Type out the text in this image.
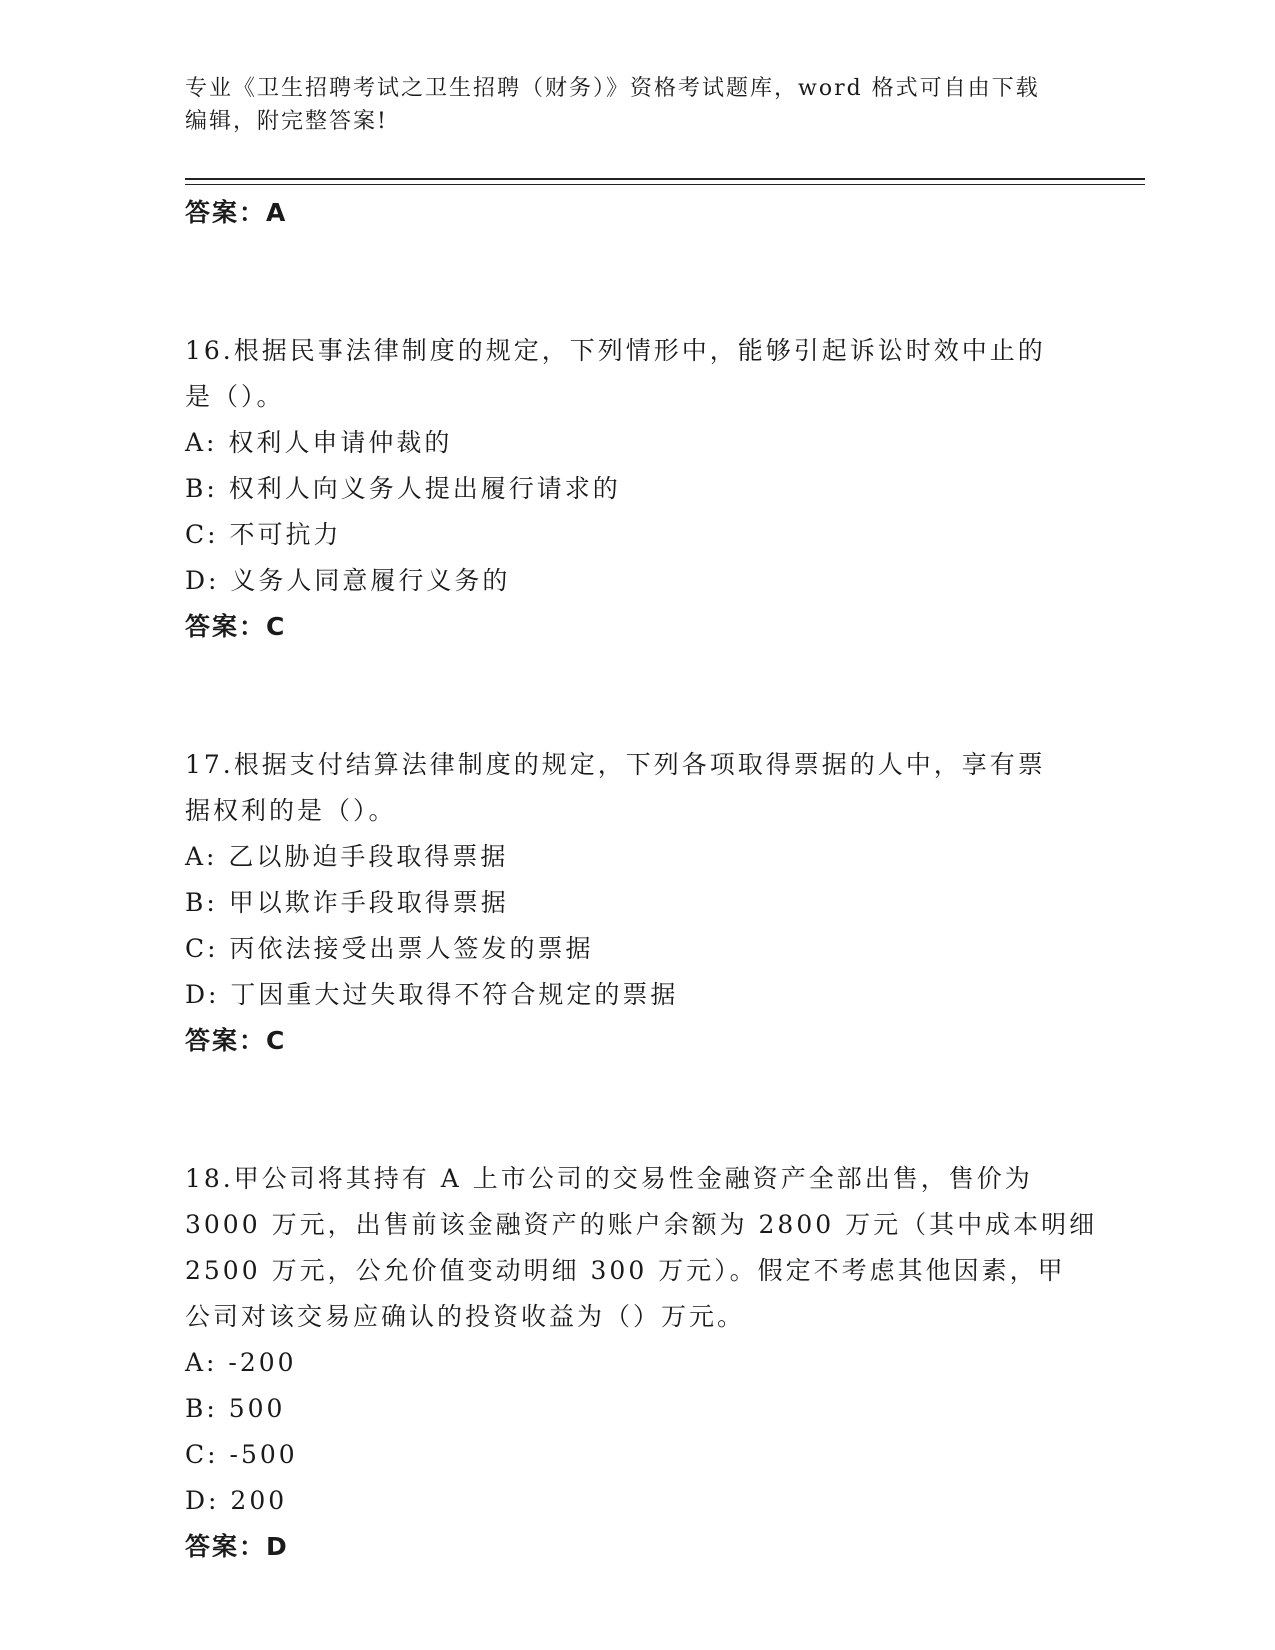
专业《卫生招聘考试之卫生招聘（财务）》资格考试题库，word 格式可自由下载
编辑，附完整答案!
答案：A
16.根据民事法律制度的规定，下列情形中，能够引起诉讼时效中止的
是（）。
A: 权利人申请仲裁的
B: 权利人向义务人提出履行请求的
C: 不可抗力
D: 义务人同意履行义务的
答案：C
17.根据支付结算法律制度的规定，下列各项取得票据的人中，享有票
据权利的是（）。
A: 乙以胁迫手段取得票据
B: 甲以欺诈手段取得票据
C: 丙依法接受出票人签发的票据
D: 丁因重大过失取得不符合规定的票据
答案：C
18.甲公司将其持有 A 上市公司的交易性金融资产全部出售，售价为
3000 万元，出售前该金融资产的账户余额为 2800 万元（其中成本明细
2500 万元，公允价值变动明细 300 万元）。假定不考虑其他因素，甲
公司对该交易应确认的投资收益为（）万元。
A: -200
B: 500
C: -500
D: 200
答案：D
